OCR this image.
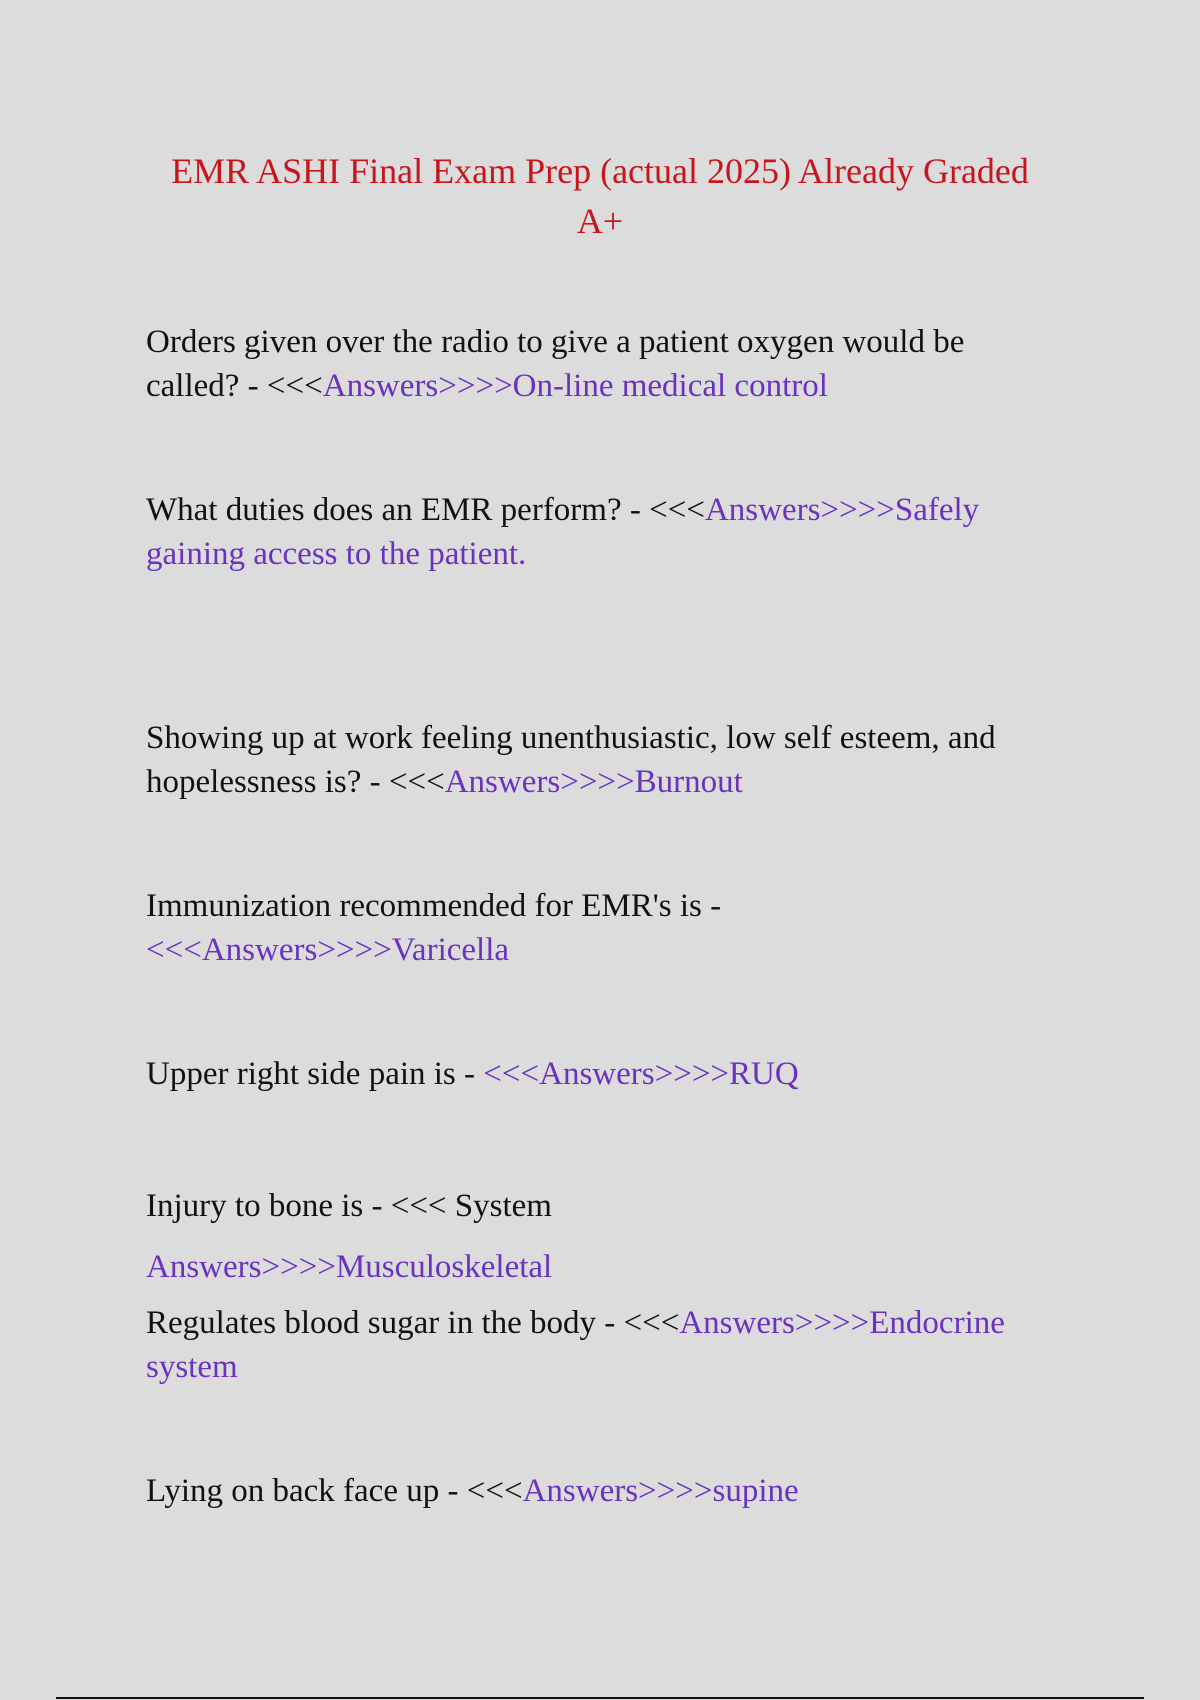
EMR ASHI Final Exam Prep (actual 2025) Already Graded A+

Orders given over the radio to give a patient oxygen would be called? - <<<Answers>>>>On-line medical control

What duties does an EMR perform? - <<<Answers>>>>Safely gaining access to the patient.

Showing up at work feeling unenthusiastic, low self esteem, and hopelessness is? - <<<Answers>>>>Burnout

Immunization recommended for EMR's is -
<<<Answers>>>>Varicella

Upper right side pain is - <<<Answers>>>>RUQ

Injury to bone is - <<< System
Answers>>>>Musculoskeletal

Regulates blood sugar in the body - <<<Answers>>>>Endocrine system

Lying on back face up - <<<Answers>>>>supine
